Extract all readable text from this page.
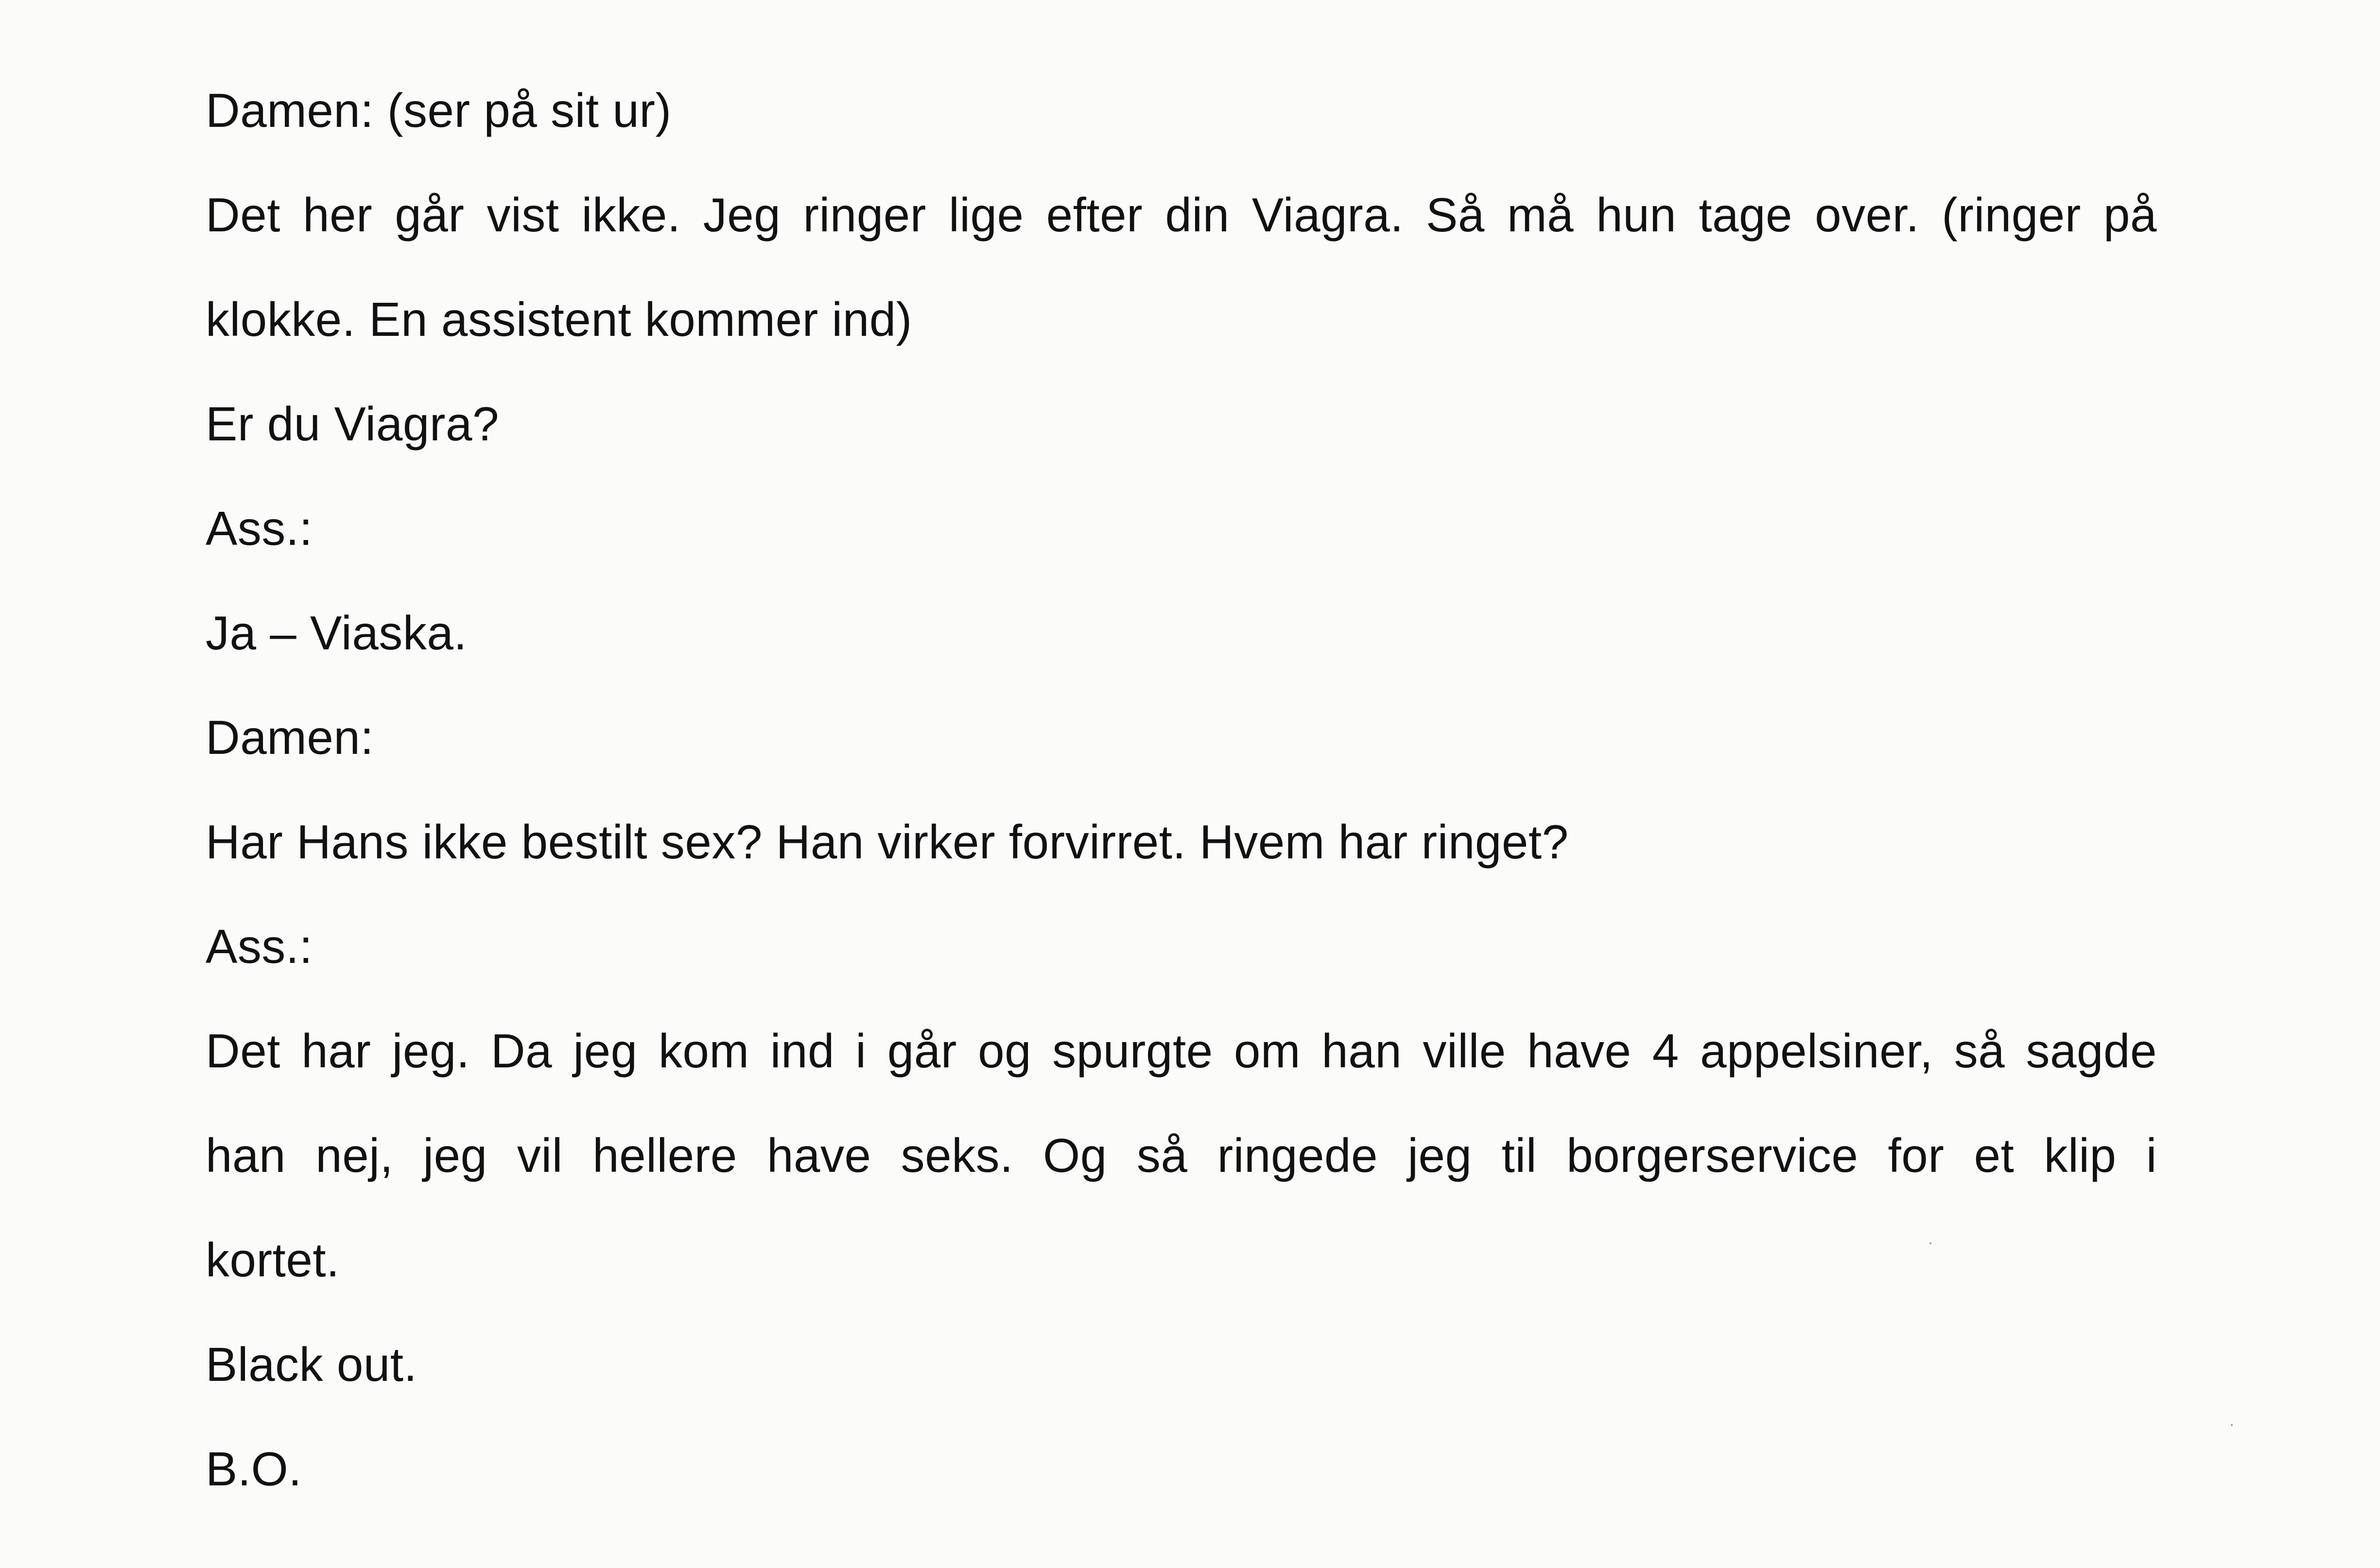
Damen: (ser på sit ur)

Det her går vist ikke. Jeg ringer lige efter din Viagra. Så må hun tage over. (ringer på

klokke. En assistent kommer ind)

Er du Viagra?

Ass.:

Ja – Viaska.

Damen:

Har Hans ikke bestilt sex? Han virker forvirret. Hvem har ringet?

Ass.:

Det har jeg. Da jeg kom ind i går og spurgte om han ville have 4 appelsiner, så sagde

han nej, jeg vil hellere have seks. Og så ringede jeg til borgerservice for et klip i

kortet.

Black out.

B.O.
